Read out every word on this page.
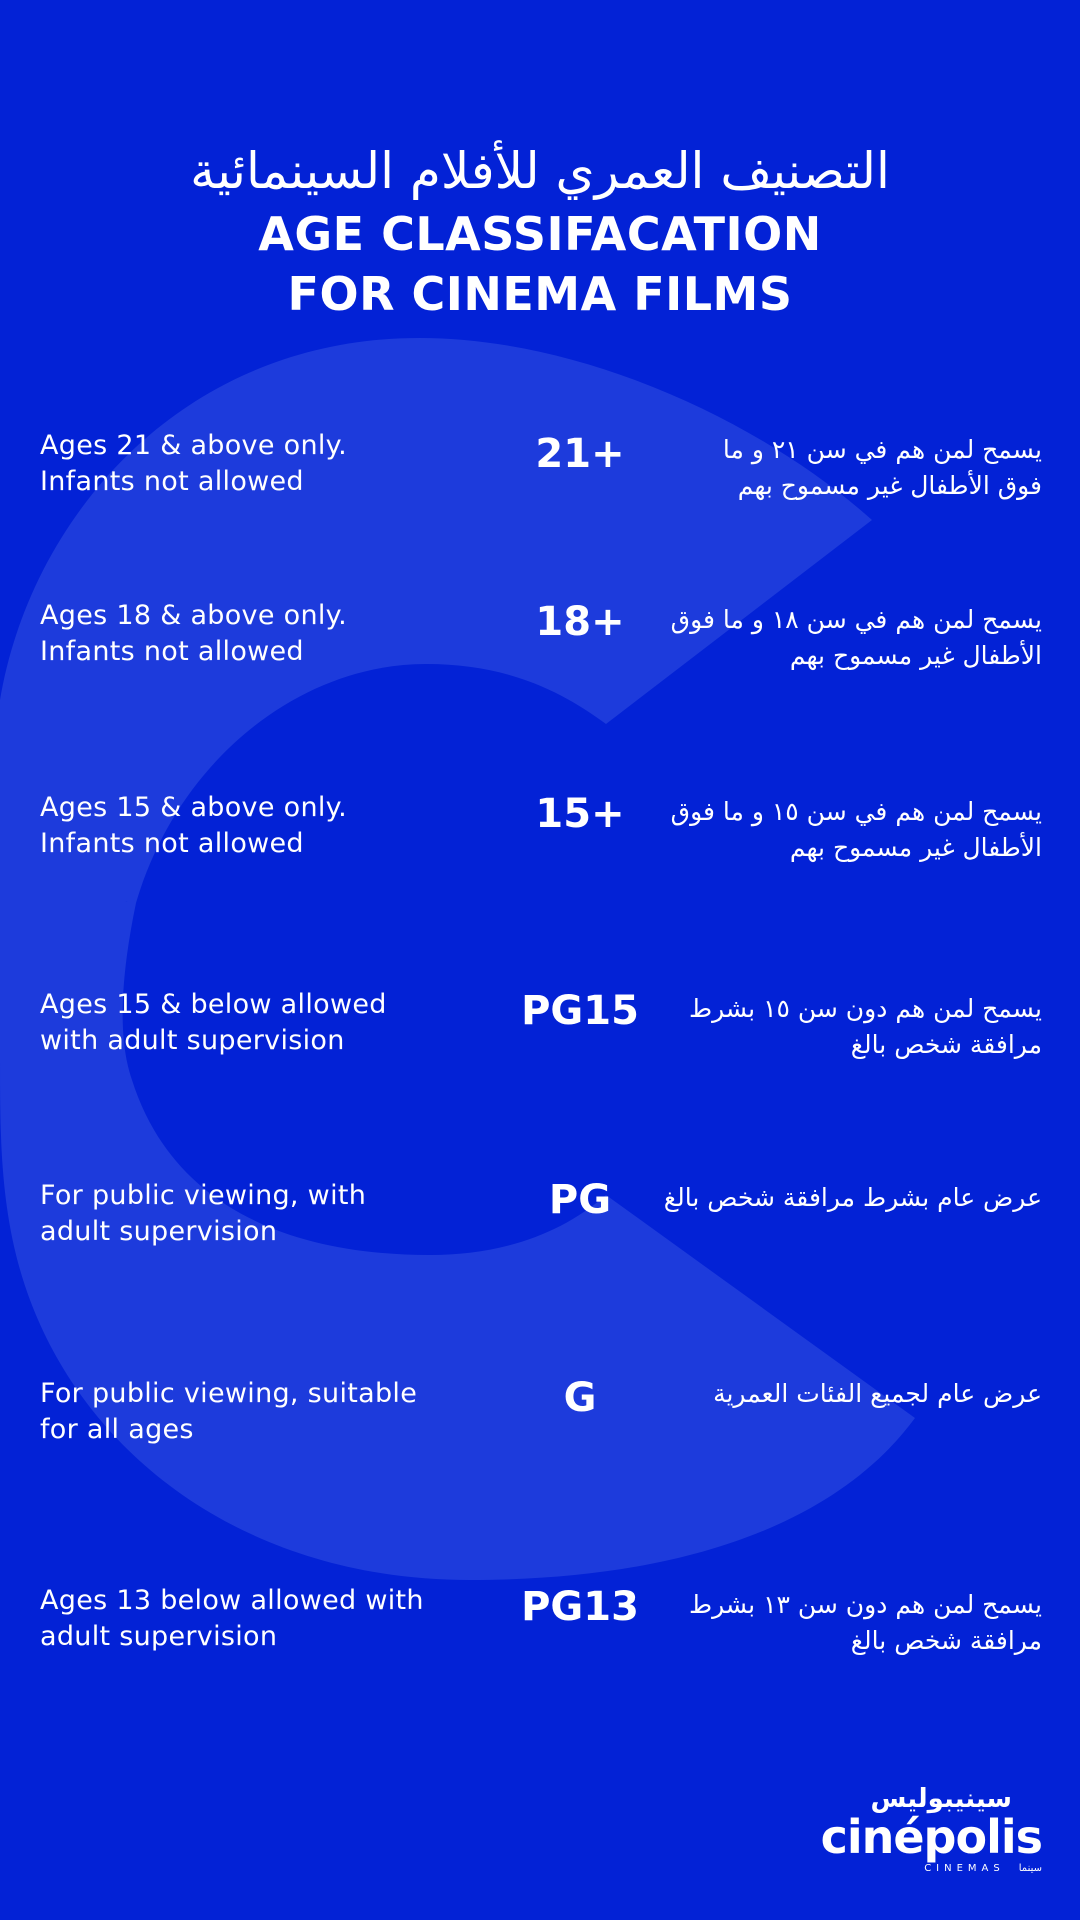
التصنيف العمري للأفلام السينمائية
AGE CLASSIFACATION
FOR CINEMA FILMS
Ages 21 & above only.
Infants not allowed
21+	يسمح لمن هم في سن ٢١ و ما
فوق الأطفال غير مسموح بهم
Ages 18 & above only.
Infants not allowed
18+	يسمح لمن هم في سن ١٨ و ما فوق
الأطفال غير مسموح بهم
Ages 15 & above only.
Infants not allowed
15+	يسمح لمن هم في سن ١٥ و ما فوق
الأطفال غير مسموح بهم
Ages 15 & below allowed
with adult supervision
PG15	يسمح لمن هم دون سن ١٥ بشرط
مرافقة شخص بالغ
For public viewing, with
adult supervision
PG	عرض عام بشرط مرافقة شخص بالغ
For public viewing, suitable
for all ages
G	عرض عام لجميع الفئات العمرية
Ages 13 below allowed with
adult supervision
PG13	يسمح لمن هم دون سن ١٣ بشرط
مرافقة شخص بالغ
سينيبوليس
cinépolis
CINEMAS سينما
